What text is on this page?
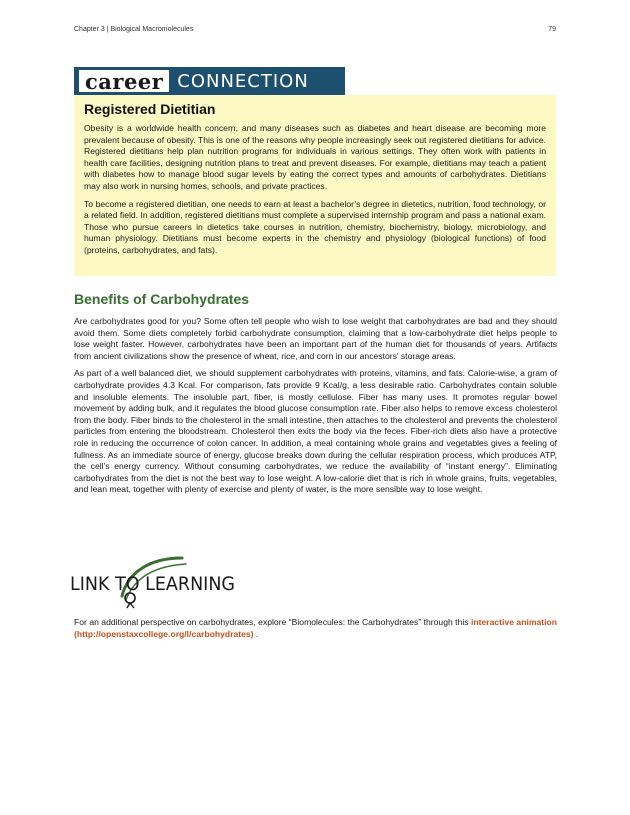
Chapter 3 | Biological Macromolecules	79
career CONNECTION
Registered Dietitian

Obesity is a worldwide health concern, and many diseases such as diabetes and heart disease are becoming more prevalent because of obesity. This is one of the reasons why people increasingly seek out registered dietitians for advice. Registered dietitians help plan nutrition programs for individuals in various settings. They often work with patients in health care facilities, designing nutrition plans to treat and prevent diseases. For example, dietitians may teach a patient with diabetes how to manage blood sugar levels by eating the correct types and amounts of carbohydrates. Dietitians may also work in nursing homes, schools, and private practices.

To become a registered dietitian, one needs to earn at least a bachelor’s degree in dietetics, nutrition, food technology, or a related field. In addition, registered dietitians must complete a supervised internship program and pass a national exam. Those who pursue careers in dietetics take courses in nutrition, chemistry, biochemistry, biology, microbiology, and human physiology. Dietitians must become experts in the chemistry and physiology (biological functions) of food (proteins, carbohydrates, and fats).

Benefits of Carbohydrates

Are carbohydrates good for you? Some often tell people who wish to lose weight that carbohydrates are bad and they should avoid them. Some diets completely forbid carbohydrate consumption, claiming that a low-carbohydrate diet helps people to lose weight faster. However, carbohydrates have been an important part of the human diet for thousands of years. Artifacts from ancient civilizations show the presence of wheat, rice, and corn in our ancestors’ storage areas.

As part of a well balanced diet, we should supplement carbohydrates with proteins, vitamins, and fats. Calorie-wise, a gram of carbohydrate provides 4.3 Kcal. For comparison, fats provide 9 Kcal/g, a less desirable ratio. Carbohydrates contain soluble and insoluble elements. The insoluble part, fiber, is mostly cellulose. Fiber has many uses. It promotes regular bowel movement by adding bulk, and it regulates the blood glucose consumption rate. Fiber also helps to remove excess cholesterol from the body. Fiber binds to the cholesterol in the small intestine, then attaches to the cholesterol and prevents the cholesterol particles from entering the bloodstream. Cholesterol then exits the body via the feces. Fiber-rich diets also have a protective role in reducing the occurrence of colon cancer. In addition, a meal containing whole grains and vegetables gives a feeling of fullness. As an immediate source of energy, glucose breaks down during the cellular respiration process, which produces ATP, the cell's energy currency. Without consuming carbohydrates, we reduce the availability of “instant energy”. Eliminating carbohydrates from the diet is not the best way to lose weight. A low-calorie diet that is rich in whole grains, fruits, vegetables, and lean meat, together with plenty of exercise and plenty of water, is the more sensible way to lose weight.

LINK TO LEARNING

For an additional perspective on carbohydrates, explore “Biomolecules: the Carbohydrates” through this interactive animation (http://openstaxcollege.org/l/carbohydrates) .
